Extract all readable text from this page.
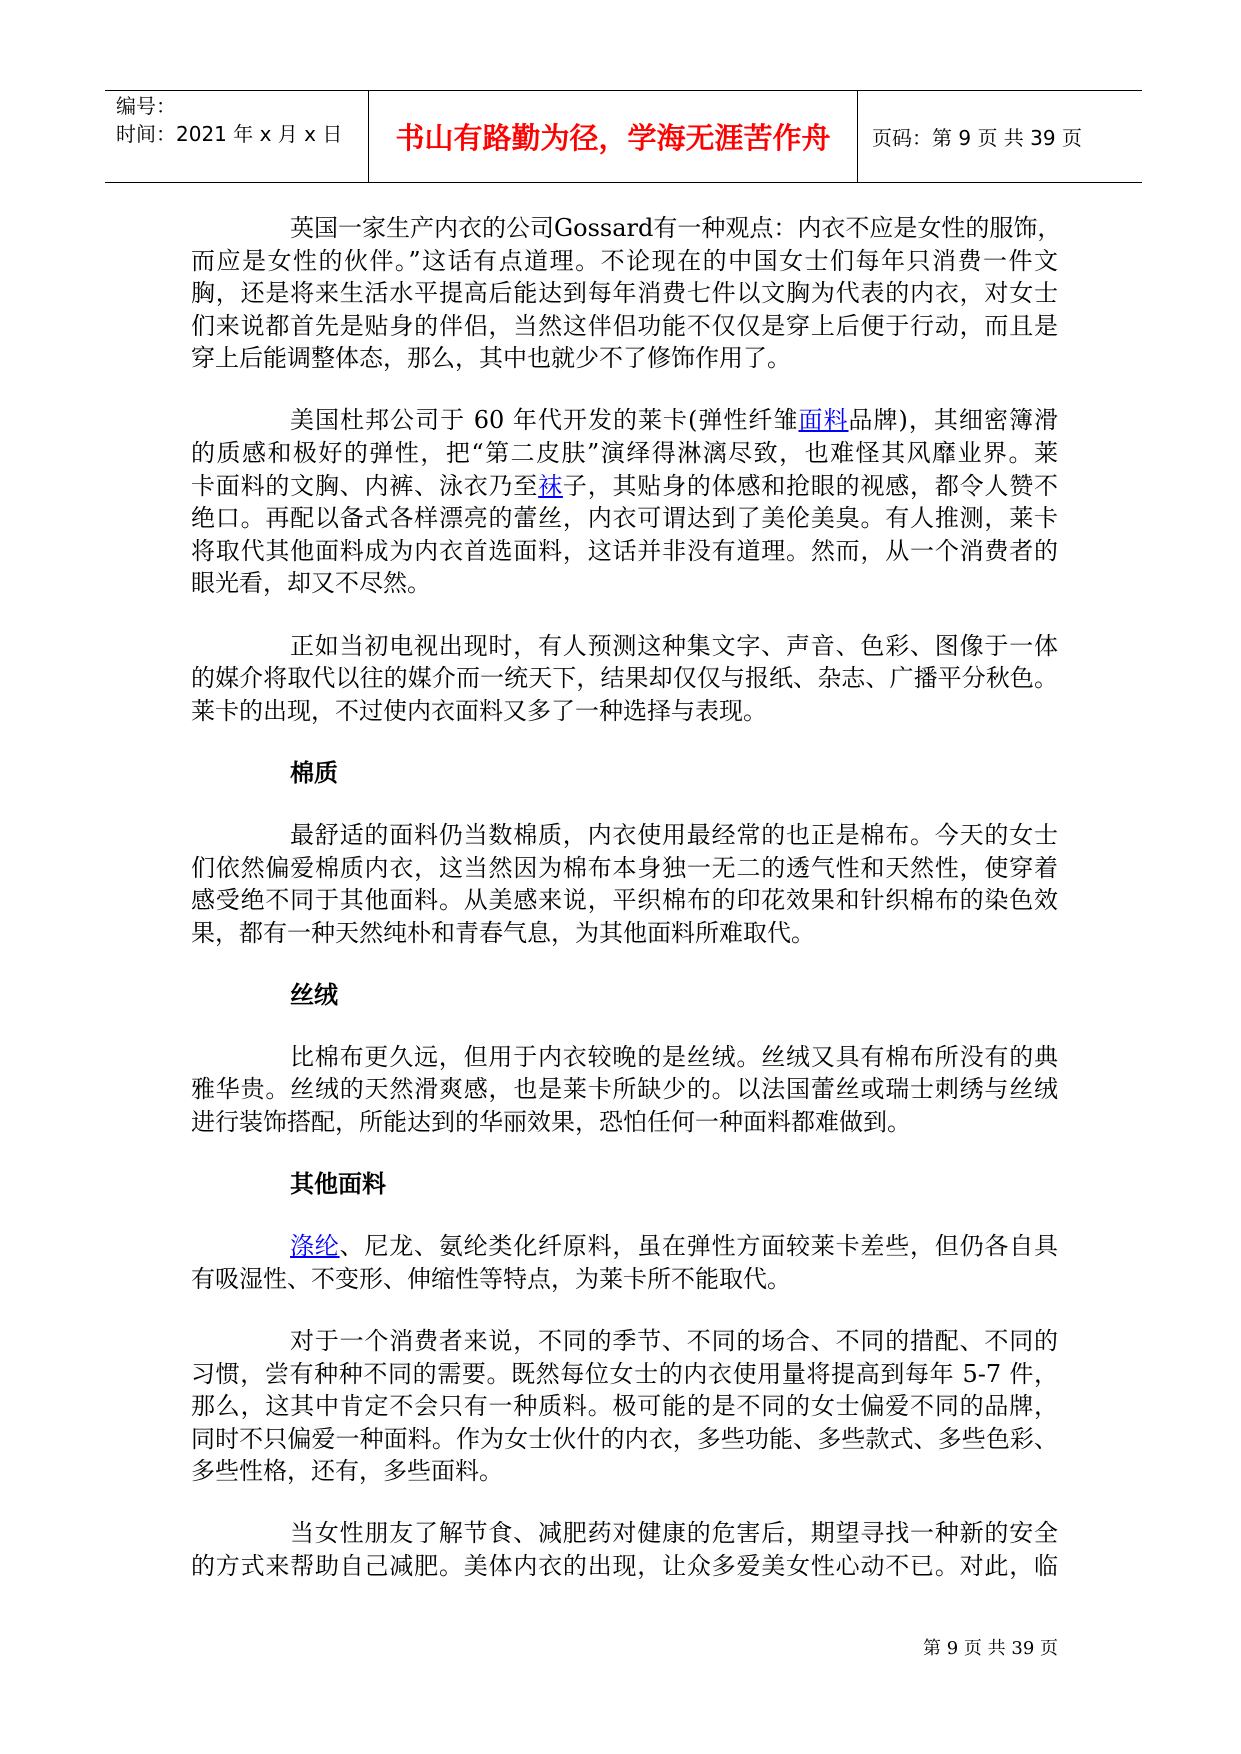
编号：
时间：2021 年 x 月 x 日	书山有路勤为径，学海无涯苦作舟 页码：第 9 页 共 39 页
英国一家生产内衣的公司Gossard有一种观点：内衣不应是女性的服饰，
而应是女性的伙伴。”这话有点道理。不论现在的中国女士们每年只消费一件文
胸，还是将来生活水平提高后能达到每年消费七件以文胸为代表的内衣，对女士
们来说都首先是贴身的伴侣，当然这伴侣功能不仅仅是穿上后便于行动，而且是
穿上后能调整体态，那么，其中也就少不了修饰作用了。
美国杜邦公司于 60 年代开发的莱卡(弹性纤雏面料品牌)，其细密簿滑
的质感和极好的弹性，把“第二皮肤”演绎得淋漓尽致，也难怪其风靡业界。莱
卡面料的文胸、内裤、泳衣乃至袜子，其贴身的体感和抢眼的视感，都令人赞不
绝口。再配以备式各样漂亮的蕾丝，内衣可谓达到了美伦美臭。有人推测，莱卡
将取代其他面料成为内衣首选面料，这话并非没有道理。然而，从一个消费者的
眼光看，却又不尽然。
正如当初电视出现时，有人预测这种集文字、声音、色彩、图像于一体
的媒介将取代以往的媒介而一统天下，结果却仅仅与报纸、杂志、广播平分秋色。
莱卡的出现，不过使内衣面料又多了一种选择与表现。
棉质
最舒适的面料仍当数棉质，内衣使用最经常的也正是棉布。今天的女士
们依然偏爱棉质内衣，这当然因为棉布本身独一无二的透气性和天然性，使穿着
感受绝不同于其他面料。从美感来说，平织棉布的印花效果和针织棉布的染色效
果，都有一种天然纯朴和青春气息，为其他面料所难取代。
丝绒
比棉布更久远，但用于内衣较晚的是丝绒。丝绒又具有棉布所没有的典
雅华贵。丝绒的天然滑爽感，也是莱卡所缺少的。以法国蕾丝或瑞士刺绣与丝绒
进行装饰搭配，所能达到的华丽效果，恐怕任何一种面料都难做到。
其他面料
涤纶、尼龙、氨纶类化纤原料，虽在弹性方面较莱卡差些，但仍各自具
有吸湿性、不变形、伸缩性等特点，为莱卡所不能取代。
对于一个消费者来说，不同的季节、不同的场合、不同的措配、不同的
习惯，尝有种种不同的需要。既然每位女士的内衣使用量将提高到每年 5-7 件，
那么，这其中肯定不会只有一种质料。极可能的是不同的女士偏爱不同的品牌，
同时不只偏爱一种面料。作为女士伙什的内衣，多些功能、多些款式、多些色彩、
多些性格，还有，多些面料。
当女性朋友了解节食、减肥药对健康的危害后，期望寻找一种新的安全
的方式来帮助自己减肥。美体内衣的出现，让众多爱美女性心动不已。对此，临
第 9 页 共 39 页
